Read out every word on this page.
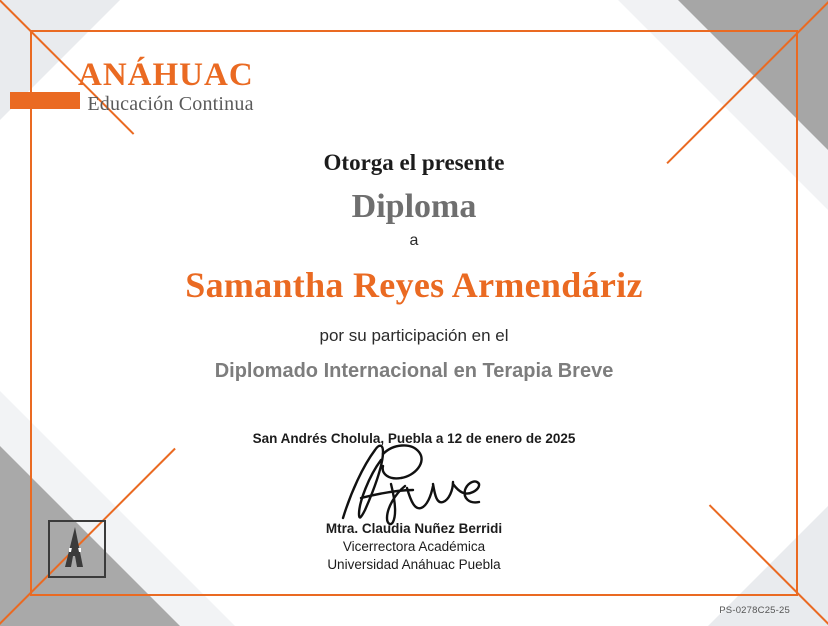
ANÁHUAC
Educación Continua
Otorga el presente
Diploma
a
Samantha Reyes Armendáriz
por su participación en el
Diplomado Internacional en Terapia Breve
San Andrés Cholula, Puebla a 12 de enero de 2025
Mtra. Claudia Nuñez Berridi
Vicerrectora Académica
Universidad Anáhuac Puebla
PS-0278C25-25
